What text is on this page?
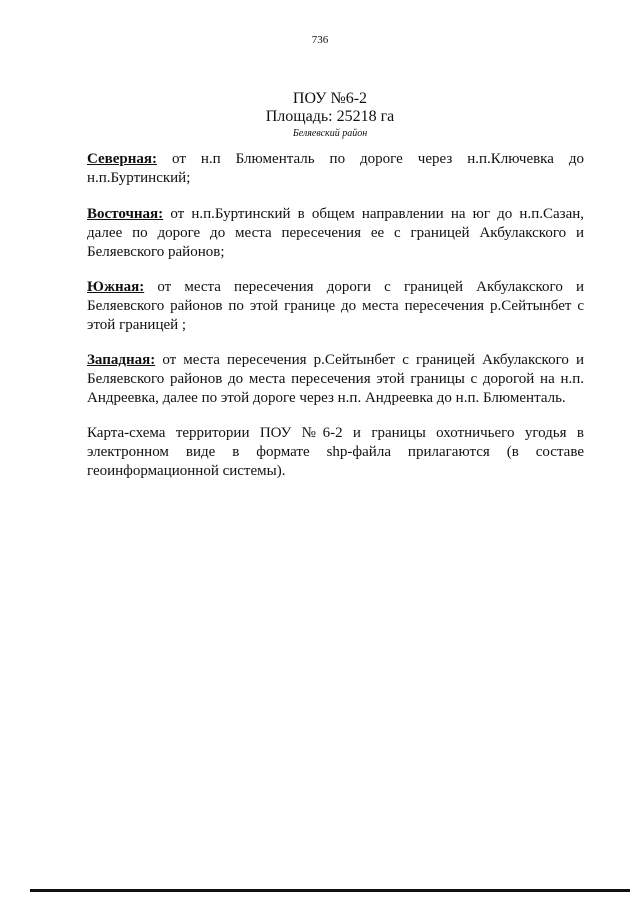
736
ПОУ №6-2
Площадь: 25218 га
Беляевский район

Северная: от н.п Блюменталь по дороге через н.п.Ключевка до н.п.Буртинский;

Восточная: от н.п.Буртинский в общем направлении на юг до н.п.Сазан, далее по дороге до места пересечения ее с границей Акбулакского и Беляевского районов;

Южная: от места пересечения дороги с границей Акбулакского и Беляевского районов по этой границе до места пересечения р.Сейтынбет с этой границей ;

Западная: от места пересечения р.Сейтынбет с границей Акбулакского и Беляевского районов до места пересечения этой границы с дорогой на н.п. Андреевка, далее по этой дороге через н.п. Андреевка до н.п. Блюменталь.

Карта-схема территории ПОУ №6-2 и границы охотничьего угодья в электронном виде в формате shp-файла прилагаются (в составе геоинформационной системы).
